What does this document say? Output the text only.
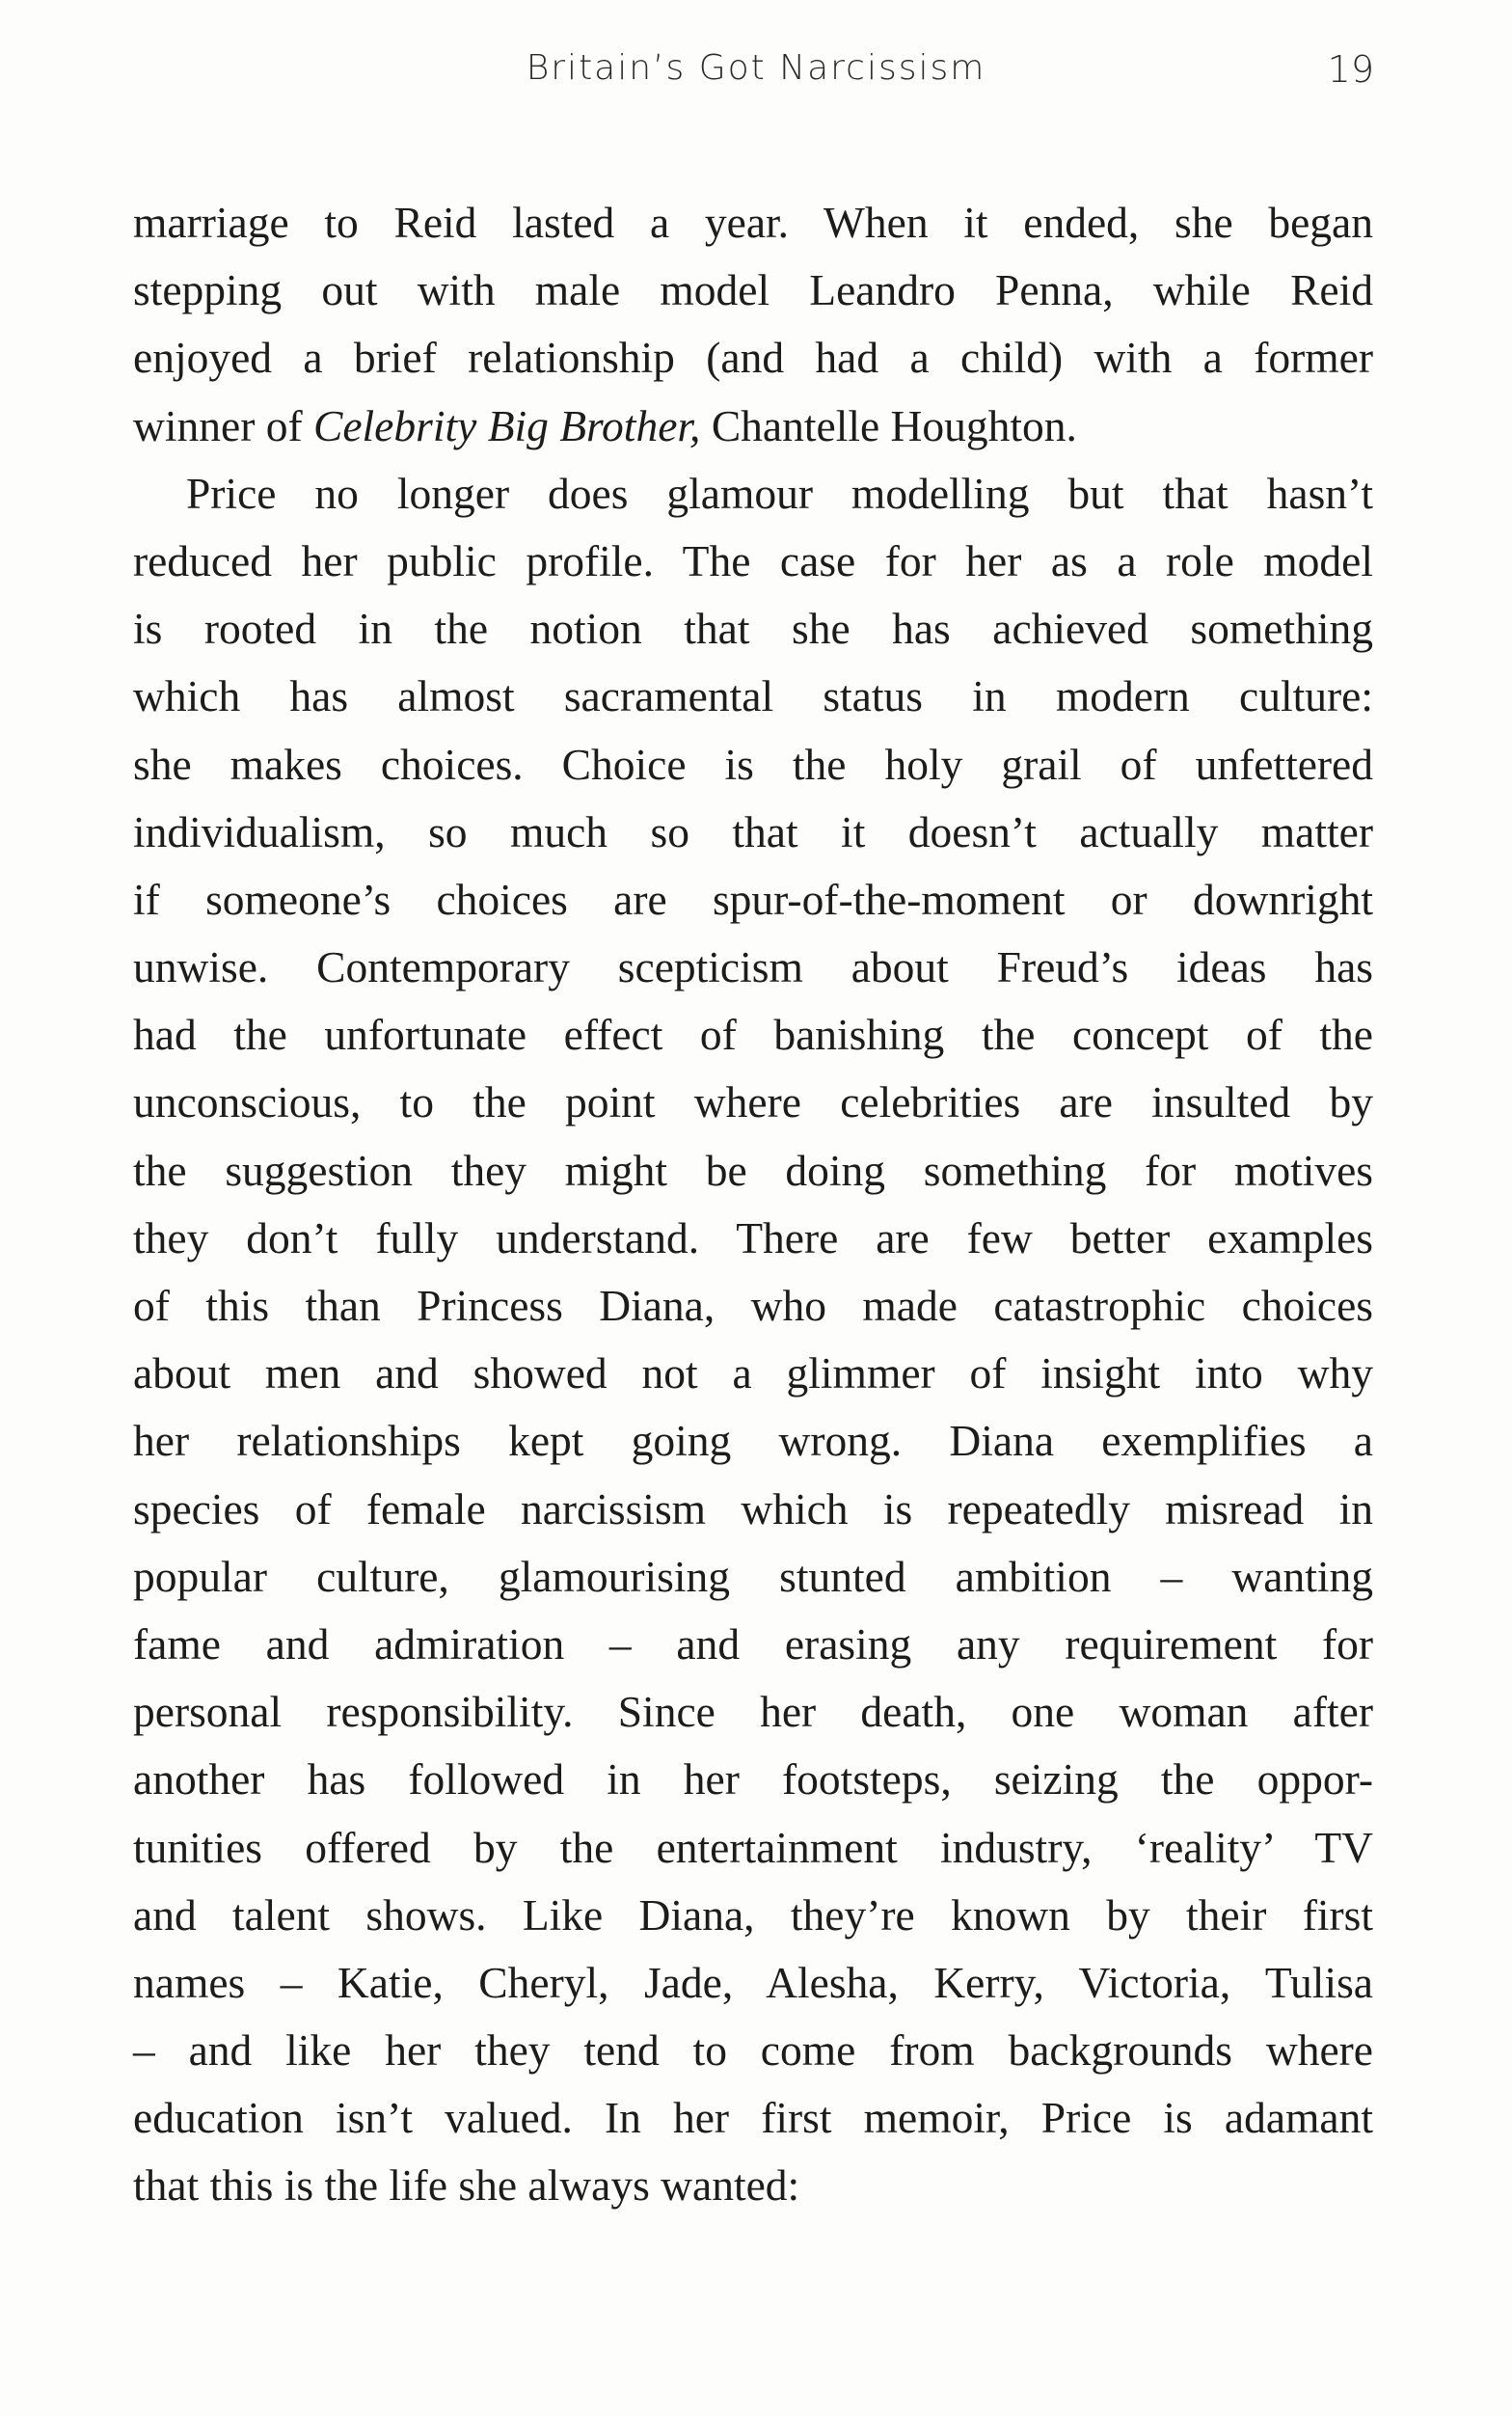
Britain’s Got Narcissism	19
marriage to Reid lasted a year. When it ended, she began
stepping out with male model Leandro Penna, while Reid
enjoyed a brief relationship (and had a child) with a former
winner of Celebrity Big Brother, Chantelle Houghton.
Price no longer does glamour modelling but that hasn’t
reduced her public profile. The case for her as a role model
is rooted in the notion that she has achieved something
which has almost sacramental status in modern culture:
she makes choices. Choice is the holy grail of unfettered
individualism, so much so that it doesn’t actually matter
if someone’s choices are spur-of-the-moment or downright
unwise. Contemporary scepticism about Freud’s ideas has
had the unfortunate effect of banishing the concept of the
unconscious, to the point where celebrities are insulted by
the suggestion they might be doing something for motives
they don’t fully understand. There are few better examples
of this than Princess Diana, who made catastrophic choices
about men and showed not a glimmer of insight into why
her relationships kept going wrong. Diana exemplifies a
species of female narcissism which is repeatedly misread in
popular culture, glamourising stunted ambition – wanting
fame and admiration – and erasing any requirement for
personal responsibility. Since her death, one woman after
another has followed in her footsteps, seizing the oppor-
tunities offered by the entertainment industry, ‘reality’ TV
and talent shows. Like Diana, they’re known by their first
names – Katie, Cheryl, Jade, Alesha, Kerry, Victoria, Tulisa
– and like her they tend to come from backgrounds where
education isn’t valued. In her first memoir, Price is adamant
that this is the life she always wanted:
